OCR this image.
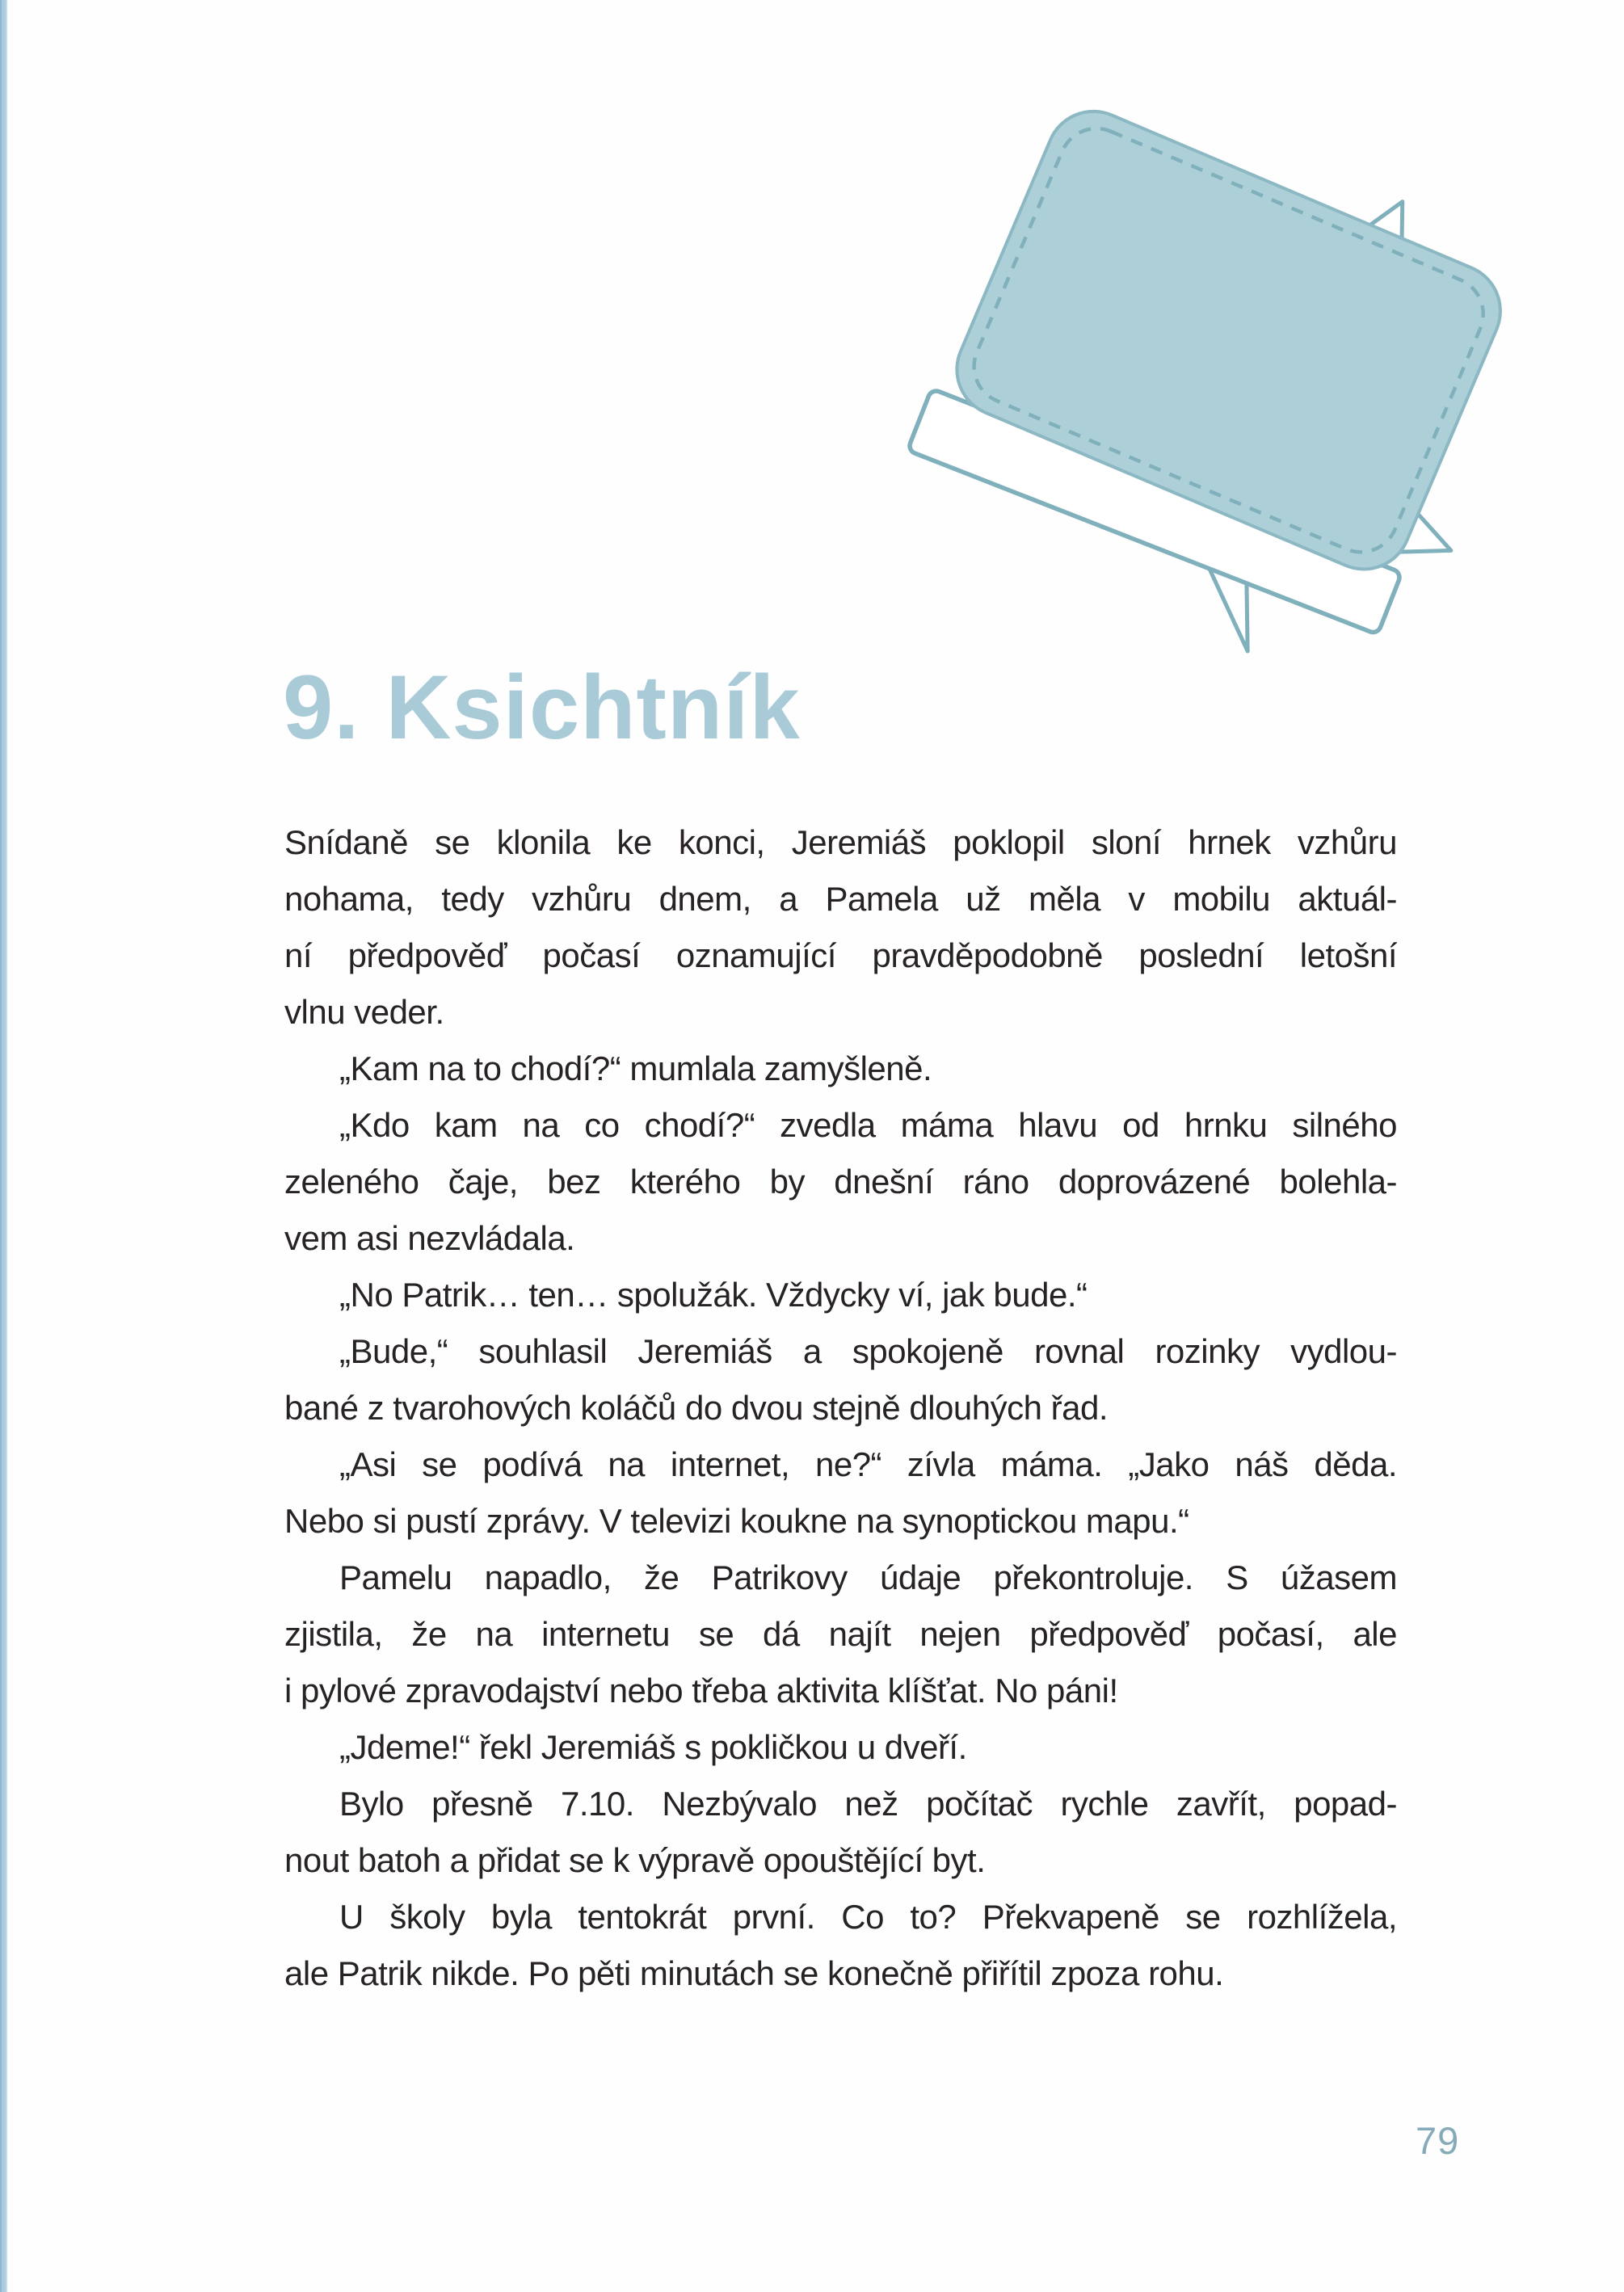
9. Ksichtník
Snídaně se klonila ke konci, Jeremiáš poklopil sloní hrnek vzhůru
nohama, tedy vzhůru dnem, a Pamela už měla v mobilu aktuál-
ní předpověď počasí oznamující pravděpodobně poslední letošní
vlnu veder.
„Kam na to chodí?“ mumlala zamyšleně.
„Kdo kam na co chodí?“ zvedla máma hlavu od hrnku silného
zeleného čaje, bez kterého by dnešní ráno doprovázené bolehla-
vem asi nezvládala.
„No Patrik… ten… spolužák. Vždycky ví, jak bude.“
„Bude,“ souhlasil Jeremiáš a spokojeně rovnal rozinky vydlou-
bané z tvarohových koláčů do dvou stejně dlouhých řad.
„Asi se podívá na internet, ne?“ zívla máma. „Jako náš děda.
Nebo si pustí zprávy. V televizi koukne na synoptickou mapu.“
Pamelu napadlo, že Patrikovy údaje překontroluje. S úžasem
zjistila, že na internetu se dá najít nejen předpověď počasí, ale
i pylové zpravodajství nebo třeba aktivita klíšťat. No páni!
„Jdeme!“ řekl Jeremiáš s pokličkou u dveří.
Bylo přesně 7.10. Nezbývalo než počítač rychle zavřít, popad-
nout batoh a přidat se k výpravě opouštějící byt.
U školy byla tentokrát první. Co to? Překvapeně se rozhlížela,
ale Patrik nikde. Po pěti minutách se konečně přiřítil zpoza rohu.
79
